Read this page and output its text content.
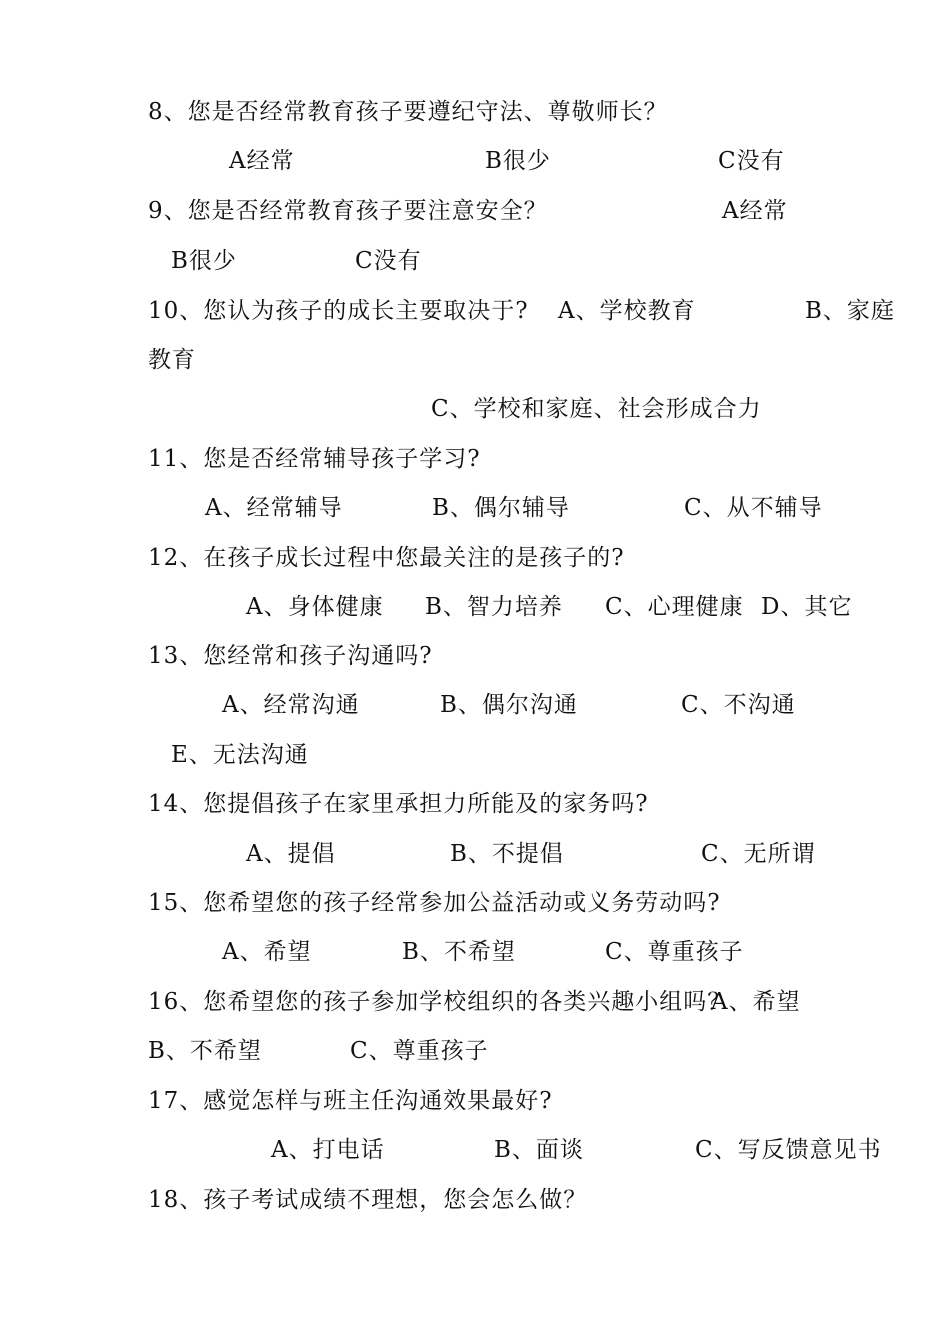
8、您是否经常教育孩子要遵纪守法、尊敬师长？
A经常	B很少	C没有
9、您是否经常教育孩子要注意安全？	A经常
B很少	C没有
10、您认为孩子的成长主要取决于? A、学校教育	B、家庭
教育
C、学校和家庭、社会形成合力
11、您是否经常辅导孩子学习?
A、经常辅导	B、偶尔辅导	C、从不辅导
12、在孩子成长过程中您最关注的是孩子的?
A、身体健康 B、智力培养 C、心理健康 D、其它
13、您经常和孩子沟通吗?
A、经常沟通	B、偶尔沟通	C、不沟通
E、无法沟通
14、您提倡孩子在家里承担力所能及的家务吗?
A、提倡	B、不提倡	C、无所谓
15、您希望您的孩子经常参加公益活动或义务劳动吗?
A、希望	B、不希望	C、尊重孩子
16、您希望您的孩子参加学校组织的各类兴趣小组吗？
A、希望
B、不希望	C、尊重孩子
17、感觉怎样与班主任沟通效果最好?
A、打电话	B、面谈	C、写反馈意见书
18、孩子考试成绩不理想，您会怎么做？
